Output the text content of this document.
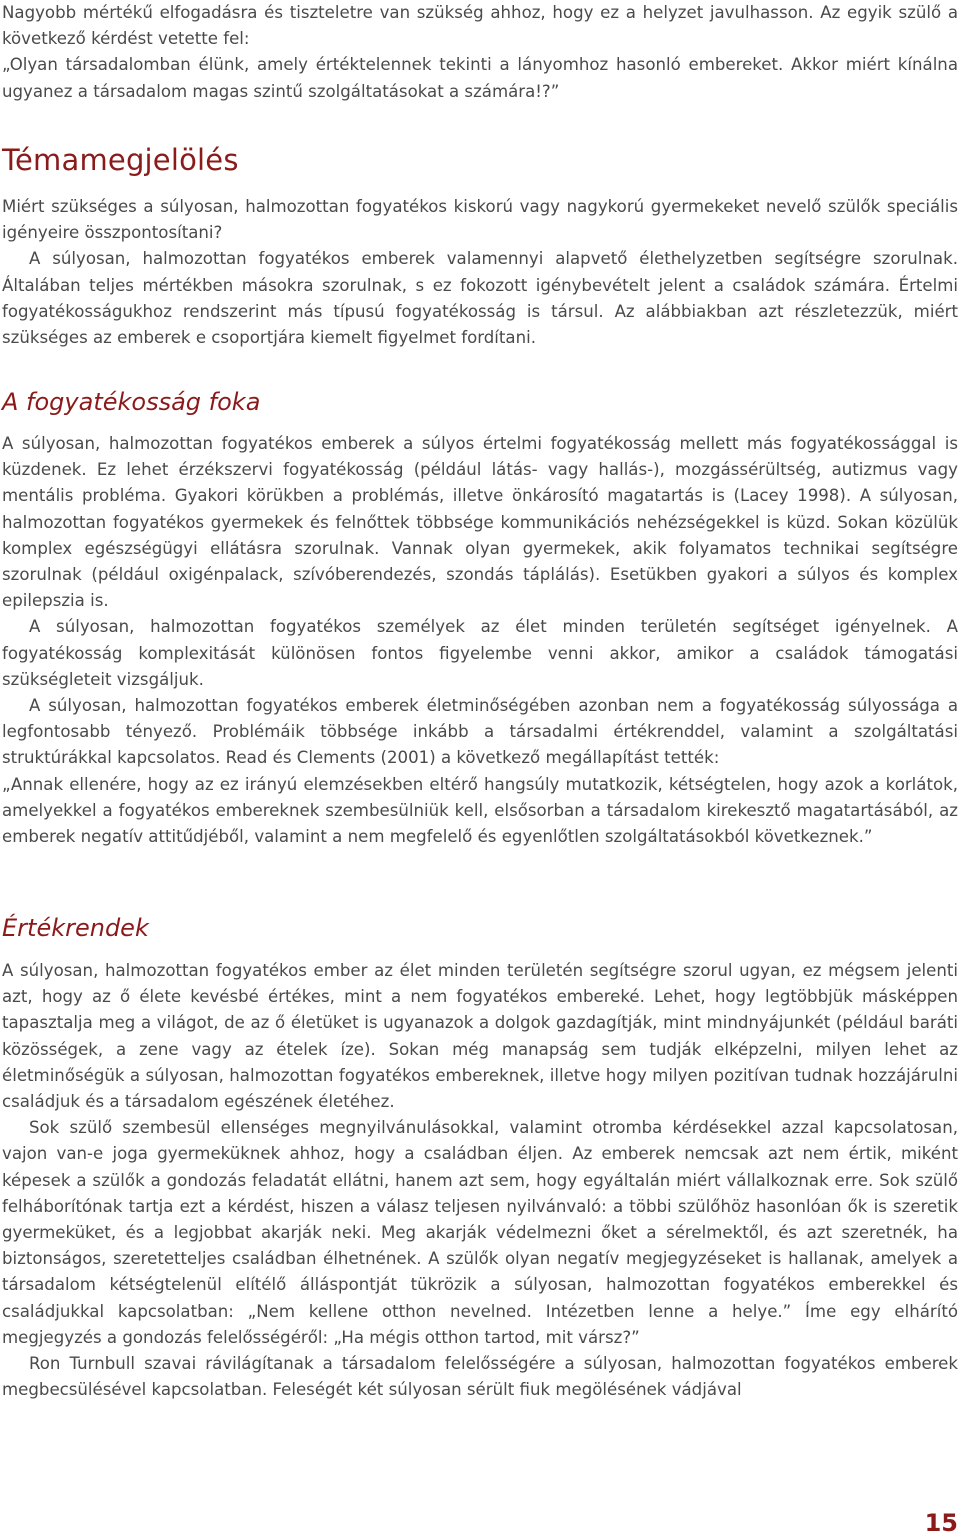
Nagyobb mértékű elfogadásra és tiszteletre van szükség ahhoz, hogy ez a helyzet javulhasson. Az egyik szülő a következő kérdést vetette fel:

„Olyan társadalomban élünk, amely értéktelennek tekinti a lányomhoz hasonló embereket. Akkor miért kínálna ugyanez a társadalom magas szintű szolgáltatásokat a számára!?”

Témamegjelölés

Miért szükséges a súlyosan, halmozottan fogyatékos kiskorú vagy nagykorú gyermekeket nevelő szülők speciális igényeire összpontosítani?

A súlyosan, halmozottan fogyatékos emberek valamennyi alapvető élethelyzetben segítségre szorulnak. Általában teljes mértékben másokra szorulnak, s ez fokozott igénybevételt jelent a családok számára. Értelmi fogyatékosságukhoz rendszerint más típusú fogyatékosság is társul. Az alábbiakban azt részletezzük, miért szükséges az emberek e csoportjára kiemelt figyelmet fordítani.

A fogyatékosság foka

A súlyosan, halmozottan fogyatékos emberek a súlyos értelmi fogyatékosság mellett más fogyatékossággal is küzdenek. Ez lehet érzékszervi fogyatékosság (például látás- vagy hallás-), mozgássérültség, autizmus vagy mentális probléma. Gyakori körükben a problémás, illetve önkárosító magatartás is (Lacey 1998). A súlyosan, halmozottan fogyatékos gyermekek és felnőttek többsége kommunikációs nehézségekkel is küzd. Sokan közülük komplex egészségügyi ellátásra szorulnak. Vannak olyan gyermekek, akik folyamatos technikai segítségre szorulnak (például oxigénpalack, szívóberendezés, szondás táplálás). Esetükben gyakori a súlyos és komplex epilepszia is.

A súlyosan, halmozottan fogyatékos személyek az élet minden területén segítséget igényelnek. A fogyatékosság komplexitását különösen fontos figyelembe venni akkor, amikor a családok támogatási szükségleteit vizsgáljuk.

A súlyosan, halmozottan fogyatékos emberek életminőségében azonban nem a fogyatékosság súlyossága a legfontosabb tényező. Problémáik többsége inkább a társadalmi értékrenddel, valamint a szolgáltatási struktúrákkal kapcsolatos. Read és Clements (2001) a következő megállapítást tették:

„Annak ellenére, hogy az ez irányú elemzésekben eltérő hangsúly mutatkozik, kétségtelen, hogy azok a korlátok, amelyekkel a fogyatékos embereknek szembesülniük kell, elsősorban a társadalom kirekesztő magatartásából, az emberek negatív attitűdjéből, valamint a nem megfelelő és egyenlőtlen szolgáltatásokból következnek.”

Értékrendek

A súlyosan, halmozottan fogyatékos ember az élet minden területén segítségre szorul ugyan, ez mégsem jelenti azt, hogy az ő élete kevésbé értékes, mint a nem fogyatékos embereké. Lehet, hogy legtöbbjük másképpen tapasztalja meg a világot, de az ő életüket is ugyanazok a dolgok gazdagítják, mint mindnyájunkét (például baráti közösségek, a zene vagy az ételek íze). Sokan még manapság sem tudják elképzelni, milyen lehet az életminőségük a súlyosan, halmozottan fogyatékos embereknek, illetve hogy milyen pozitívan tudnak hozzájárulni családjuk és a társadalom egészének életéhez.

Sok szülő szembesül ellenséges megnyilvánulásokkal, valamint otromba kérdésekkel azzal kapcsolatosan, vajon van-e joga gyermeküknek ahhoz, hogy a családban éljen. Az emberek nemcsak azt nem értik, miként képesek a szülők a gondozás feladatát ellátni, hanem azt sem, hogy egyáltalán miért vállalkoznak erre. Sok szülő felháborítónak tartja ezt a kérdést, hiszen a válasz teljesen nyilvánvaló: a többi szülőhöz hasonlóan ők is szeretik gyermeküket, és a legjobbat akarják neki. Meg akarják védelmezni őket a sérelmektől, és azt szeretnék, ha biztonságos, szeretetteljes családban élhetnének. A szülők olyan negatív megjegyzéseket is hallanak, amelyek a társadalom kétségtelenül elítélő álláspontját tükrözik a súlyosan, halmozottan fogyatékos emberekkel és családjukkal kapcsolatban: „Nem kellene otthon nevelned. Intézetben lenne a helye.” Íme egy elhárító megjegyzés a gondozás felelősségéről: „Ha mégis otthon tartod, mit vársz?”

Ron Turnbull szavai rávilágítanak a társadalom felelősségére a súlyosan, halmozottan fogyatékos emberek megbecsülésével kapcsolatban. Feleségét két súlyosan sérült fiuk megölésének vádjával

15
